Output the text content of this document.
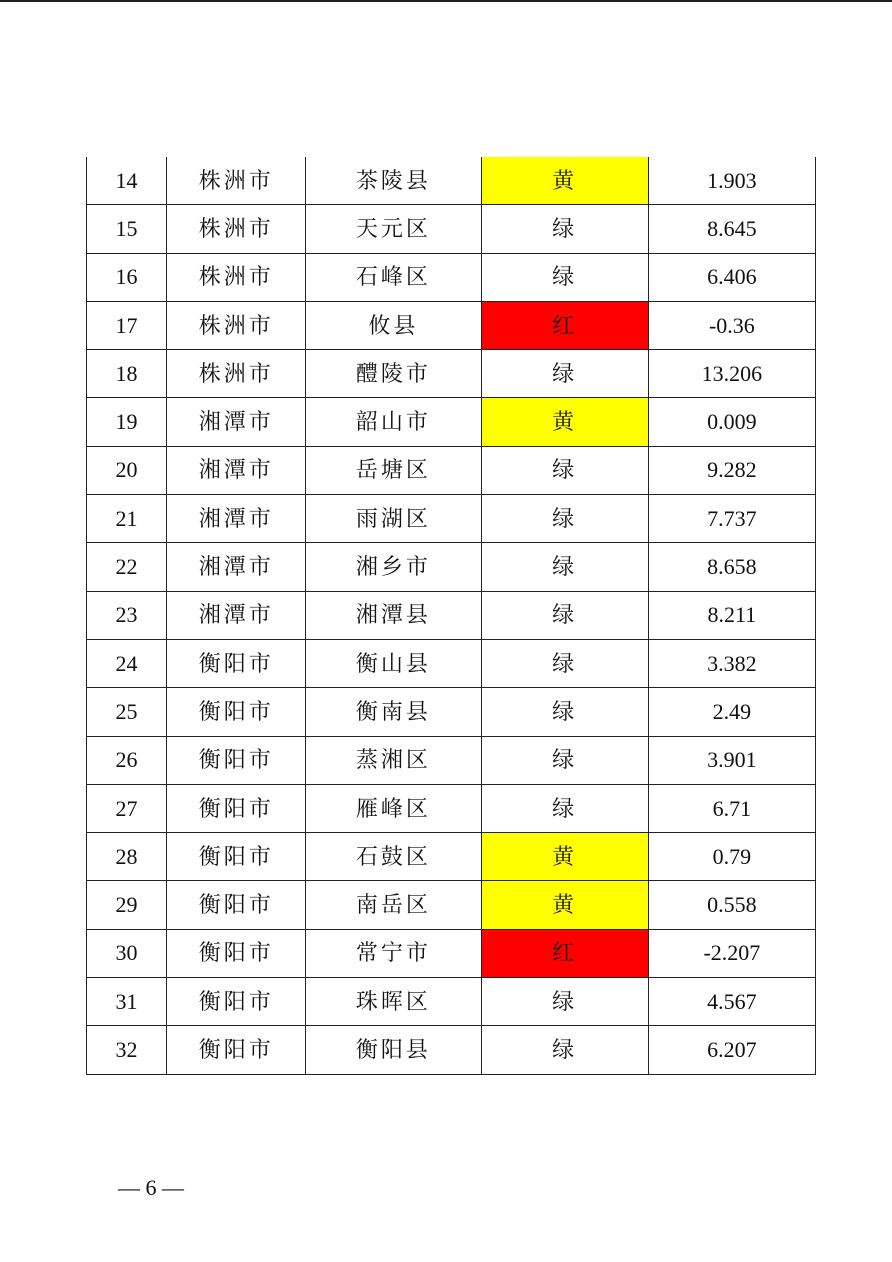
14	株洲市	茶陵县	黄	1.903
15	株洲市	天元区	绿	8.645
16	株洲市	石峰区	绿	6.406
17	株洲市	攸县	红	-0.36
18	株洲市	醴陵市	绿	13.206
19	湘潭市	韶山市	黄	0.009
20	湘潭市	岳塘区	绿	9.282
21	湘潭市	雨湖区	绿	7.737
22	湘潭市	湘乡市	绿	8.658
23	湘潭市	湘潭县	绿	8.211
24	衡阳市	衡山县	绿	3.382
25	衡阳市	衡南县	绿	2.49
26	衡阳市	蒸湘区	绿	3.901
27	衡阳市	雁峰区	绿	6.71
28	衡阳市	石鼓区	黄	0.79
29	衡阳市	南岳区	黄	0.558
30	衡阳市	常宁市	红	-2.207
31	衡阳市	珠晖区	绿	4.567
32	衡阳市	衡阳县	绿	6.207
— 6 —
